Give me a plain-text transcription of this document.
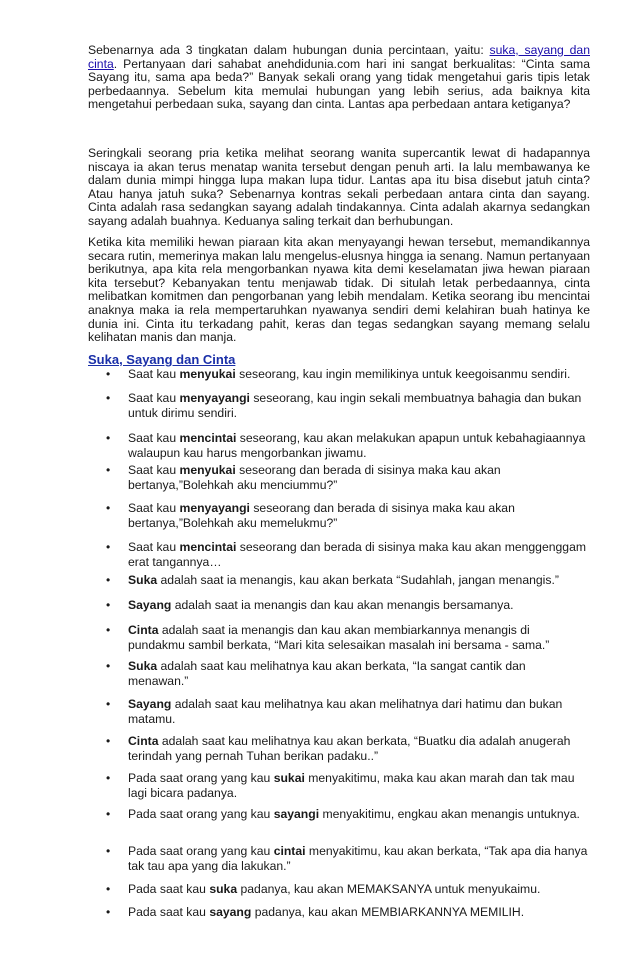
Sebenarnya ada 3 tingkatan dalam hubungan dunia percintaan, yaitu: suka, sayang dan cinta. Pertanyaan dari sahabat anehdidunia.com hari ini sangat berkualitas: “Cinta sama Sayang itu, sama apa beda?” Banyak sekali orang yang tidak mengetahui garis tipis letak perbedaannya. Sebelum kita memulai hubungan yang lebih serius, ada baiknya kita mengetahui perbedaan suka, sayang dan cinta. Lantas apa perbedaan antara ketiganya?

Seringkali seorang pria ketika melihat seorang wanita supercantik lewat di hadapannya niscaya ia akan terus menatap wanita tersebut dengan penuh arti. Ia lalu membawanya ke dalam dunia mimpi hingga lupa makan lupa tidur. Lantas apa itu bisa disebut jatuh cinta? Atau hanya jatuh suka? Sebenarnya kontras sekali perbedaan antara cinta dan sayang. Cinta adalah rasa sedangkan sayang adalah tindakannya. Cinta adalah akarnya sedangkan sayang adalah buahnya. Keduanya saling terkait dan berhubungan.

Ketika kita memiliki hewan piaraan kita akan menyayangi hewan tersebut, memandikannya secara rutin, memerinya makan lalu mengelus-elusnya hingga ia senang. Namun pertanyaan berikutnya, apa kita rela mengorbankan nyawa kita demi keselamatan jiwa hewan piaraan kita tersebut? Kebanyakan tentu menjawab tidak. Di situlah letak perbedaannya, cinta melibatkan komitmen dan pengorbanan yang lebih mendalam. Ketika seorang ibu mencintai anaknya maka ia rela mempertaruhkan nyawanya sendiri demi kelahiran buah hatinya ke dunia ini. Cinta itu terkadang pahit, keras dan tegas sedangkan sayang memang selalu kelihatan manis dan manja.

Suka, Sayang dan Cinta
• Saat kau menyukai seseorang, kau ingin memilikinya untuk keegoisanmu sendiri.
• Saat kau menyayangi seseorang, kau ingin sekali membuatnya bahagia dan bukan untuk dirimu sendiri.
• Saat kau mencintai seseorang, kau akan melakukan apapun untuk kebahagiaannya walaupun kau harus mengorbankan jiwamu.
• Saat kau menyukai seseorang dan berada di sisinya maka kau akan bertanya,”Bolehkah aku menciummu?”
• Saat kau menyayangi seseorang dan berada di sisinya maka kau akan bertanya,”Bolehkah aku memelukmu?”
• Saat kau mencintai seseorang dan berada di sisinya maka kau akan menggenggam erat tangannya…
• Suka adalah saat ia menangis, kau akan berkata “Sudahlah, jangan menangis.”
• Sayang adalah saat ia menangis dan kau akan menangis bersamanya.
• Cinta adalah saat ia menangis dan kau akan membiarkannya menangis di pundakmu sambil berkata, “Mari kita selesaikan masalah ini bersama - sama.”
• Suka adalah saat kau melihatnya kau akan berkata, “Ia sangat cantik dan menawan.”
• Sayang adalah saat kau melihatnya kau akan melihatnya dari hatimu dan bukan matamu.
• Cinta adalah saat kau melihatnya kau akan berkata, “Buatku dia adalah anugerah terindah yang pernah Tuhan berikan padaku..”
• Pada saat orang yang kau sukai menyakitimu, maka kau akan marah dan tak mau lagi bicara padanya.
• Pada saat orang yang kau sayangi menyakitimu, engkau akan menangis untuknya.
• Pada saat orang yang kau cintai menyakitimu, kau akan berkata, “Tak apa dia hanya tak tau apa yang dia lakukan.”
• Pada saat kau suka padanya, kau akan MEMAKSANYA untuk menyukaimu.
• Pada saat kau sayang padanya, kau akan MEMBIARKANNYA MEMILIH.
